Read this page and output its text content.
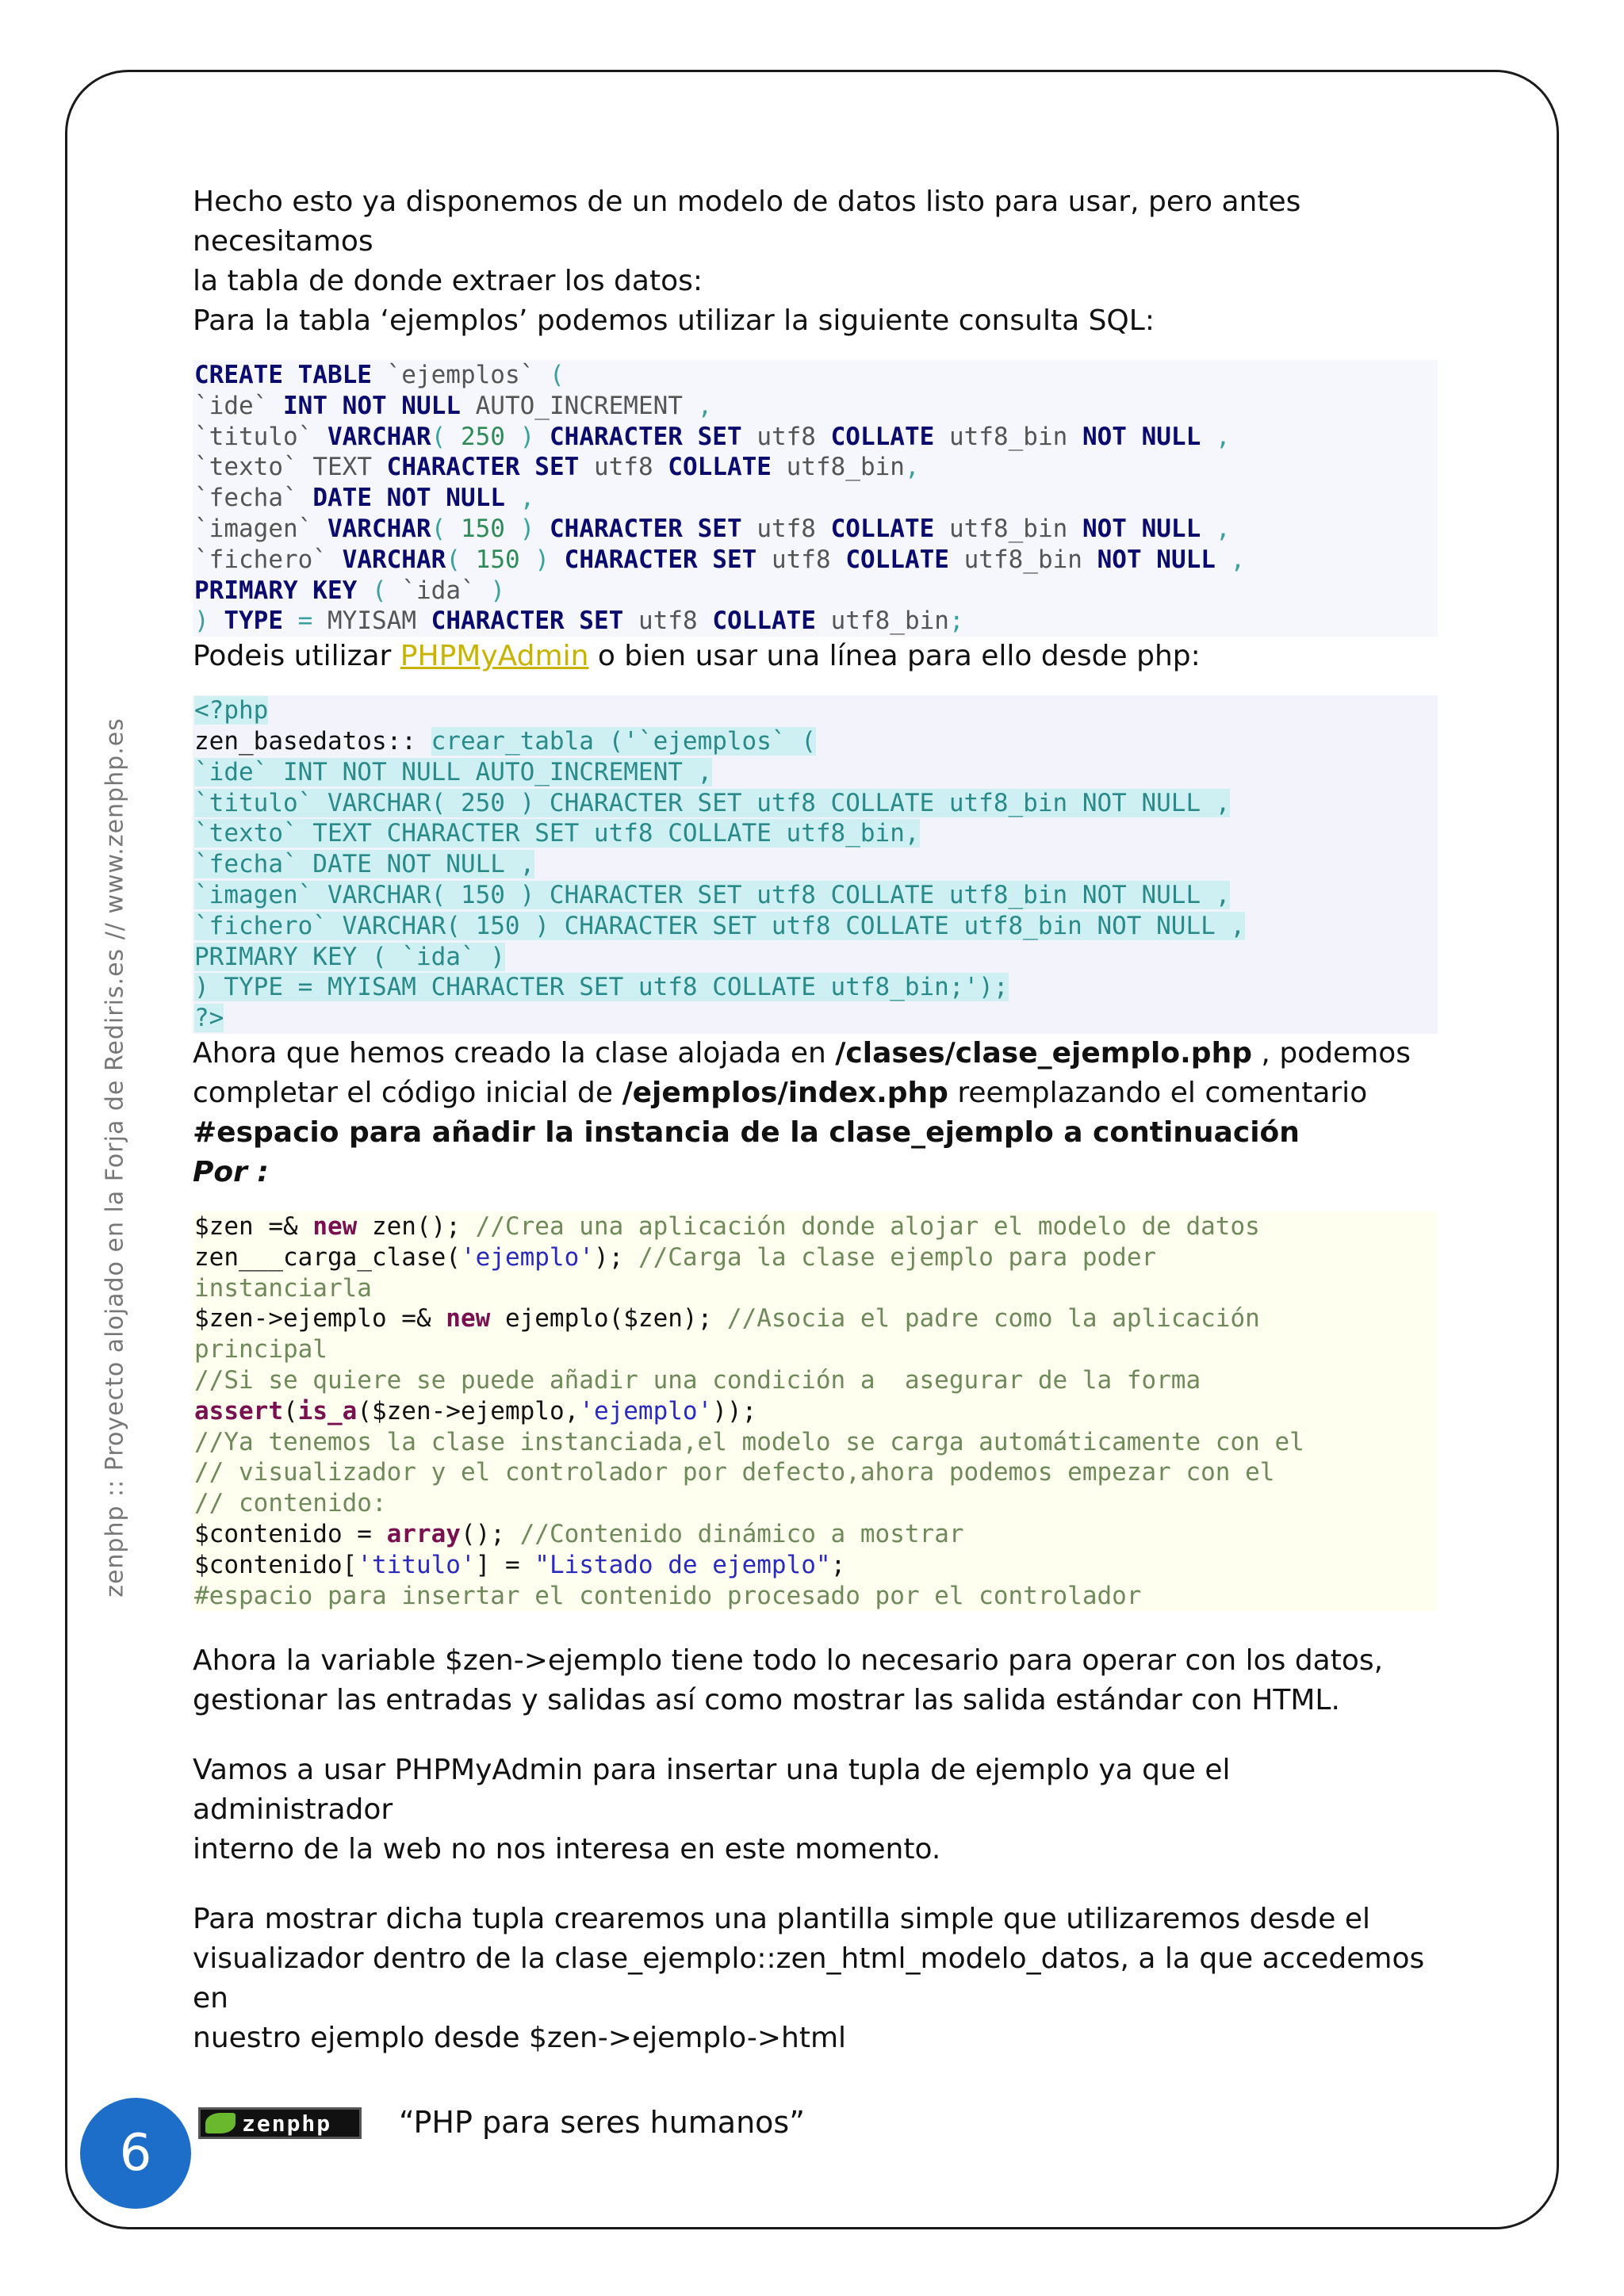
zenphp :: Proyecto alojado en la Forja de Rediris.es // www.zenphp.es

Hecho esto ya disponemos de un modelo de datos listo para usar, pero antes necesitamos

la tabla de donde extraer los datos:

Para la tabla ‘ejemplos’ podemos utilizar la siguiente consulta SQL:

CREATE TABLE `ejemplos` (
`ide` INT NOT NULL AUTO_INCREMENT ,
`titulo` VARCHAR( 250 ) CHARACTER SET utf8 COLLATE utf8_bin NOT NULL ,
`texto` TEXT CHARACTER SET utf8 COLLATE utf8_bin,
`fecha` DATE NOT NULL ,
`imagen` VARCHAR( 150 ) CHARACTER SET utf8 COLLATE utf8_bin NOT NULL ,
`fichero` VARCHAR( 150 ) CHARACTER SET utf8 COLLATE utf8_bin NOT NULL ,
PRIMARY KEY ( `ida` )
) TYPE = MYISAM CHARACTER SET utf8 COLLATE utf8_bin;

Podeis utilizar PHPMyAdmin o bien usar una línea para ello desde php:

<?php
zen_basedatos:: crear_tabla ('`ejemplos` (
`ide` INT NOT NULL AUTO_INCREMENT ,
`titulo` VARCHAR( 250 ) CHARACTER SET utf8 COLLATE utf8_bin NOT NULL ,
`texto` TEXT CHARACTER SET utf8 COLLATE utf8_bin,
`fecha` DATE NOT NULL ,
`imagen` VARCHAR( 150 ) CHARACTER SET utf8 COLLATE utf8_bin NOT NULL ,
`fichero` VARCHAR( 150 ) CHARACTER SET utf8 COLLATE utf8_bin NOT NULL ,
PRIMARY KEY ( `ida` )
) TYPE = MYISAM CHARACTER SET utf8 COLLATE utf8_bin;');
?>

Ahora que hemos creado la clase alojada en /clases/clase_ejemplo.php , podemos

completar el código inicial de /ejemplos/index.php reemplazando el comentario

#espacio para añadir la instancia de la clase_ejemplo a continuación

Por :

$zen =& new zen(); //Crea una aplicación donde alojar el modelo de datos
zen___carga_clase('ejemplo'); //Carga la clase ejemplo para poder
instanciarla
$zen->ejemplo =& new ejemplo($zen); //Asocia el padre como la aplicación
principal
//Si se quiere se puede añadir una condición a  asegurar de la forma
assert(is_a($zen->ejemplo,'ejemplo'));
//Ya tenemos la clase instanciada,el modelo se carga automáticamente con el
// visualizador y el controlador por defecto,ahora podemos empezar con el
// contenido:
$contenido = array(); //Contenido dinámico a mostrar
$contenido['titulo'] = "Listado de ejemplo";
#espacio para insertar el contenido procesado por el controlador

Ahora la variable $zen->ejemplo tiene todo lo necesario para operar con los datos,

gestionar las entradas y salidas así como mostrar las salida estándar con HTML.

Vamos a usar PHPMyAdmin para insertar una tupla de ejemplo ya que el administrador

interno de la web no nos interesa en este momento.

Para mostrar dicha tupla crearemos una plantilla simple que utilizaremos desde el

visualizador dentro de la clase_ejemplo::zen_html_modelo_datos, a la que accedemos en

nuestro ejemplo desde $zen->ejemplo->html

6
zenphp “PHP para seres humanos”
